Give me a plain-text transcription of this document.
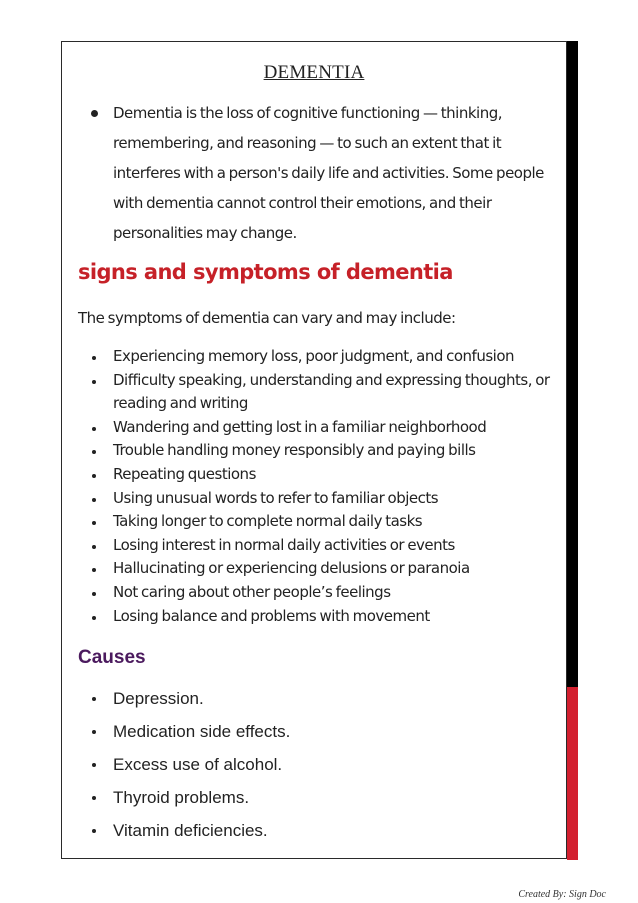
DEMENTIA
Dementia is the loss of cognitive functioning — thinking, remembering, and reasoning — to such an extent that it interferes with a person's daily life and activities. Some people with dementia cannot control their emotions, and their personalities may change.
signs and symptoms of dementia
The symptoms of dementia can vary and may include:
Experiencing memory loss, poor judgment, and confusion
Difficulty speaking, understanding and expressing thoughts, or reading and writing
Wandering and getting lost in a familiar neighborhood
Trouble handling money responsibly and paying bills
Repeating questions
Using unusual words to refer to familiar objects
Taking longer to complete normal daily tasks
Losing interest in normal daily activities or events
Hallucinating or experiencing delusions or paranoia
Not caring about other people’s feelings
Losing balance and problems with movement
Causes
Depression.
Medication side effects.
Excess use of alcohol.
Thyroid problems.
Vitamin deficiencies.
Created By: Sign Doc
